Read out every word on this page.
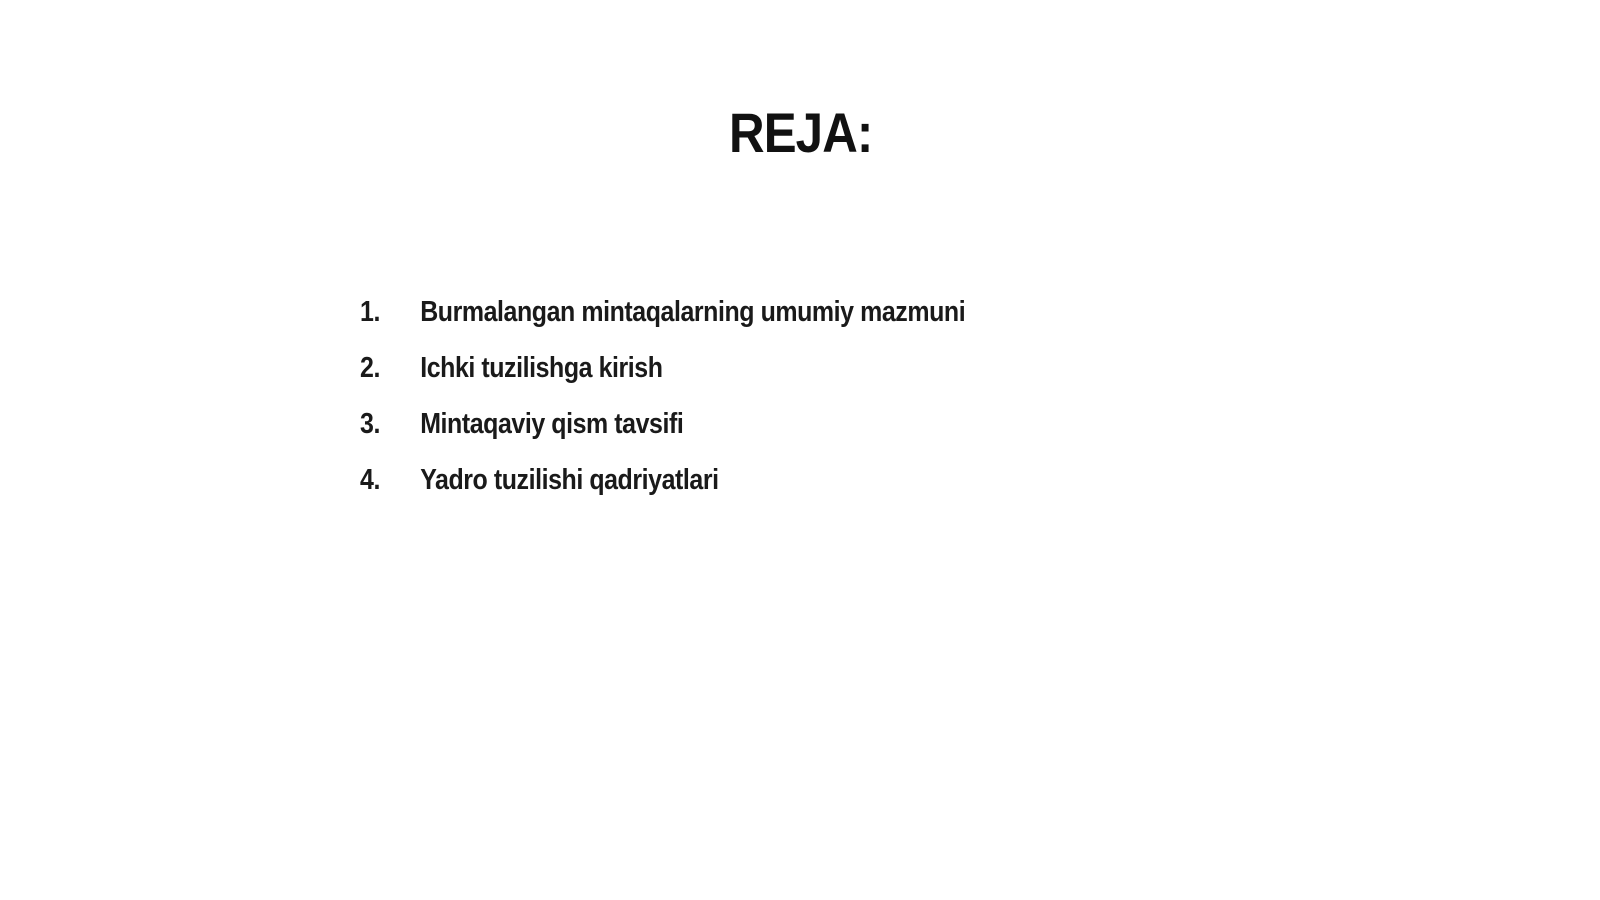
REJA:
1.	Burmalangan mintaqalarning umumiy mazmuni
2.	Ichki tuzilishga kirish
3.	Mintaqaviy qism tavsifi
4.	Yadro tuzilishi qadriyatlari
